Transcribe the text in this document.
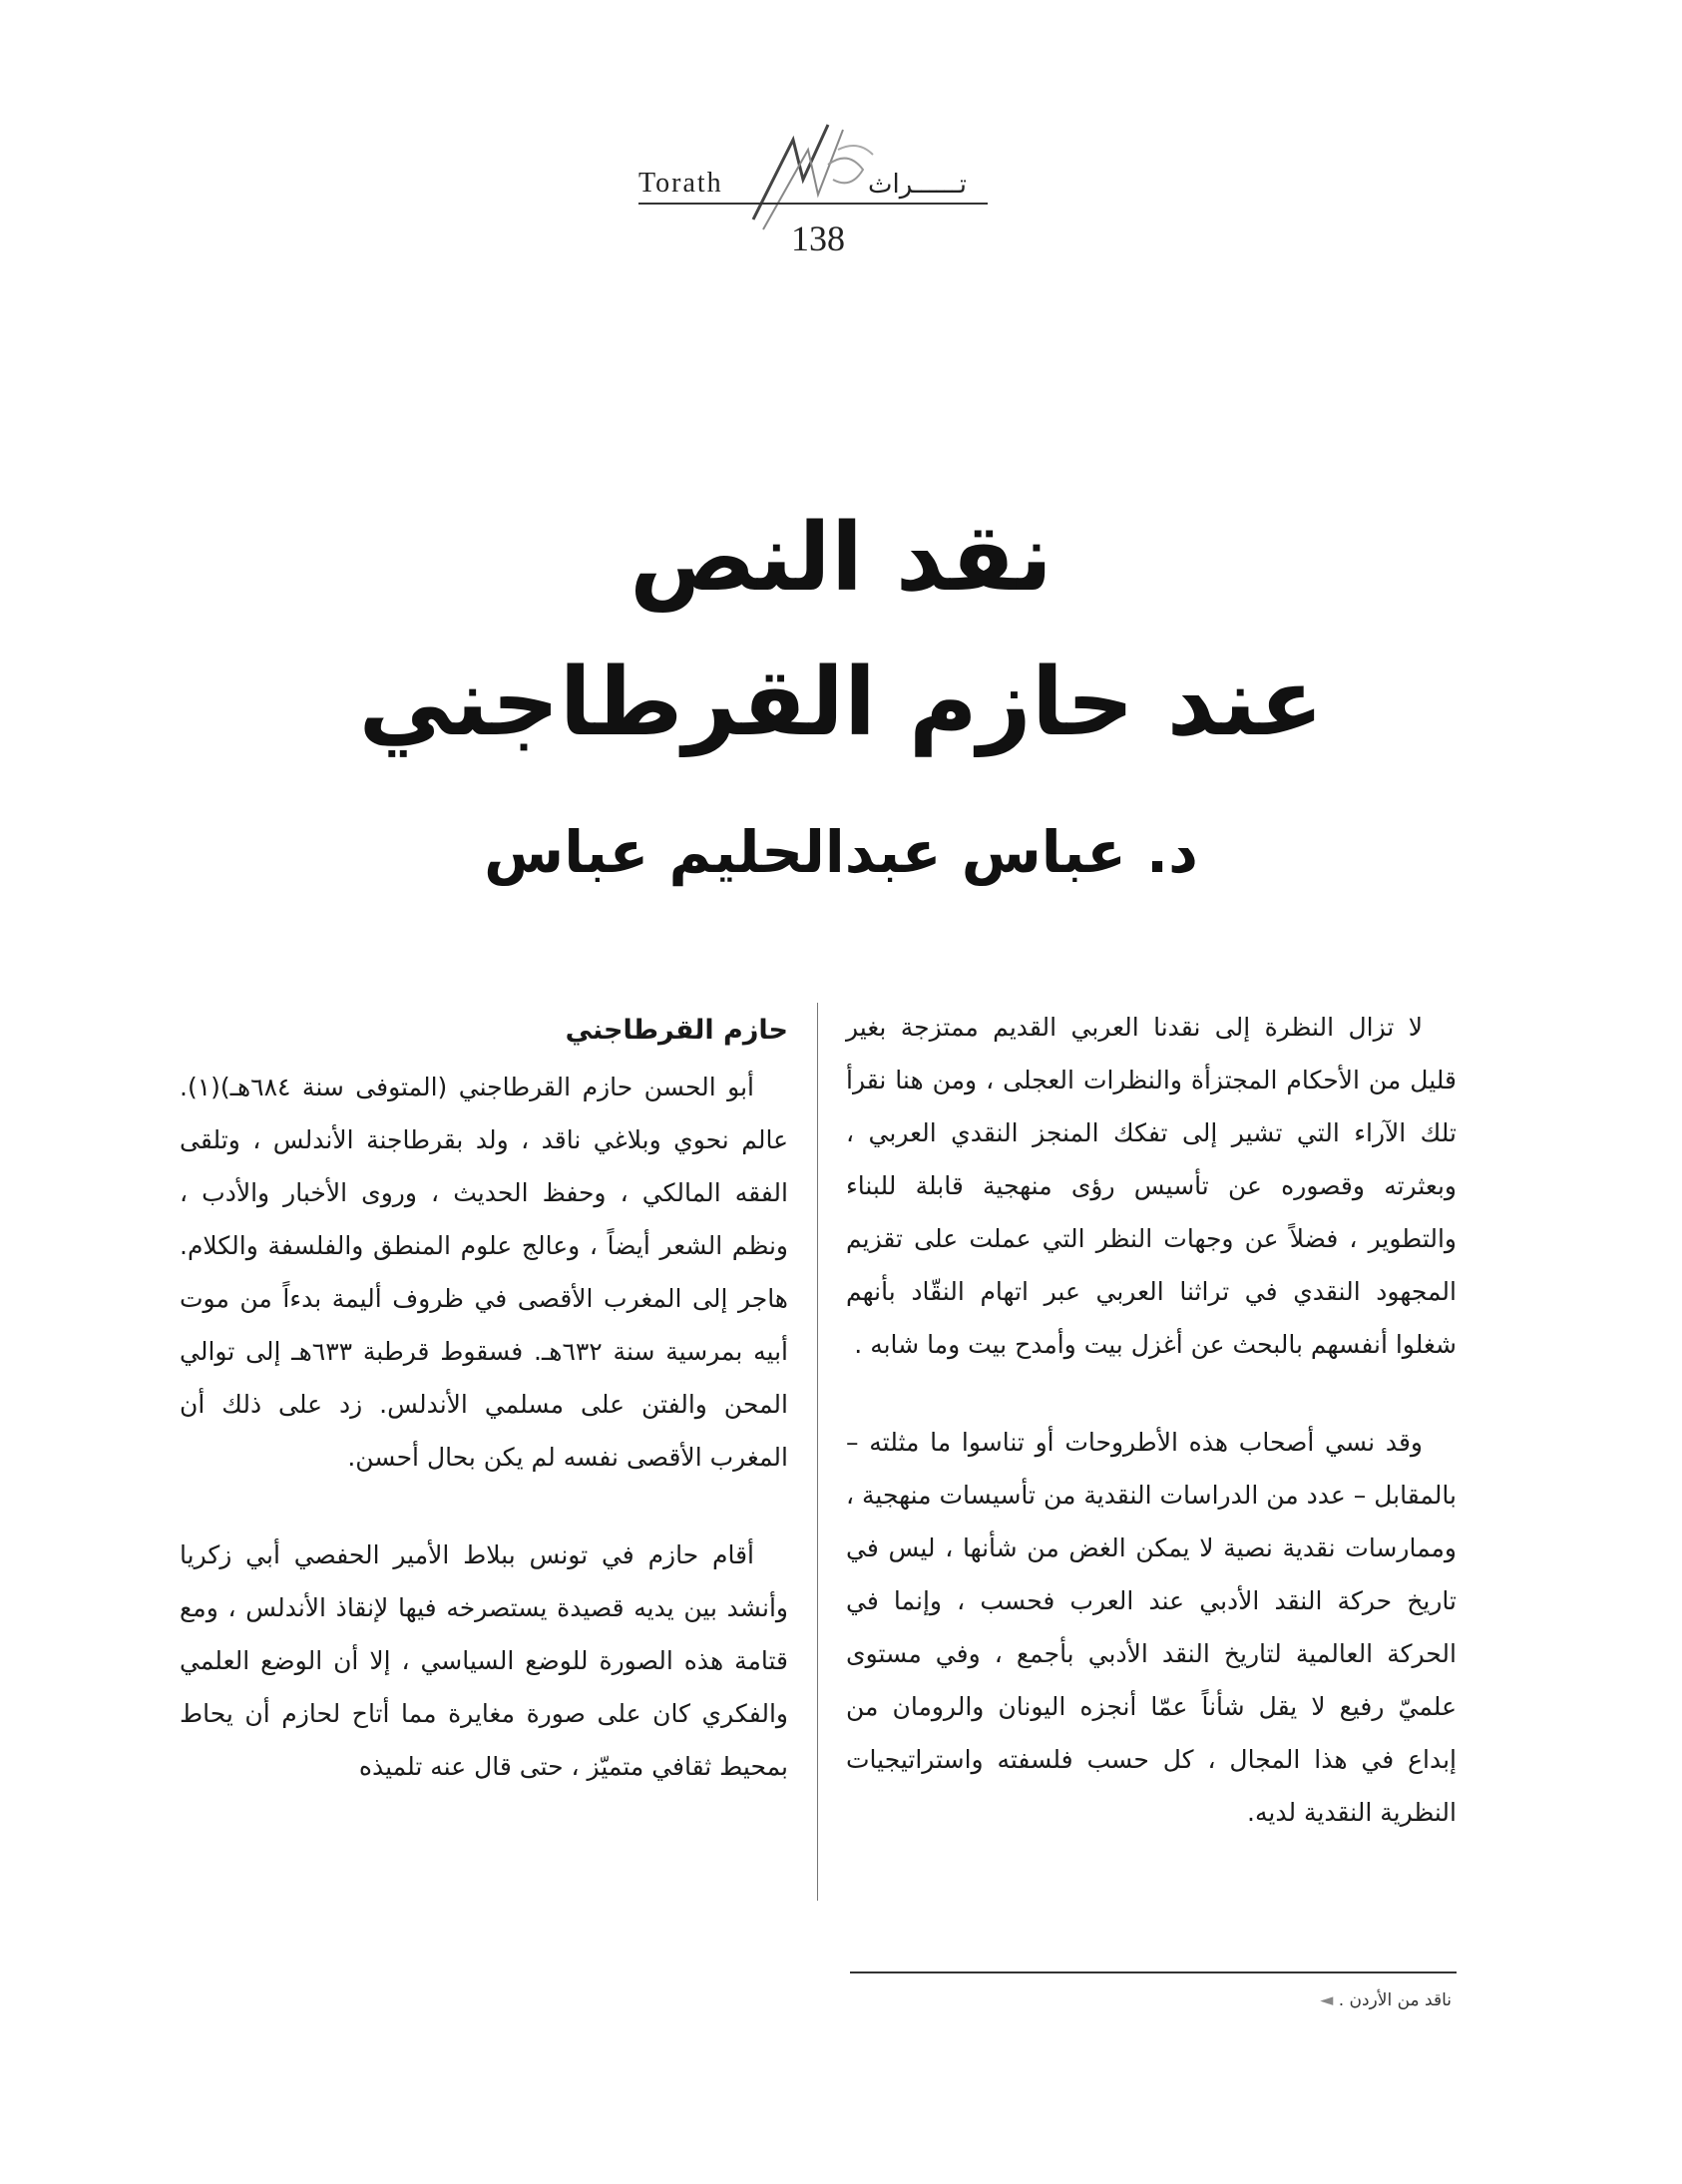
Torath	تــــــراث
138
نقد النص
عند حازم القرطاجني
د. عباس عبدالحليم عباس

لا تزال النظرة إلى نقدنا العربي القديم ممتزجة بغير قليل من الأحكام المجتزأة والنظرات العجلى ، ومن هنا نقرأ تلك الآراء التي تشير إلى تفكك المنجز النقدي العربي ، وبعثرته وقصوره عن تأسيس رؤى منهجية قابلة للبناء والتطوير ، فضلاً عن وجهات النظر التي عملت على تقزيم المجهود النقدي في تراثنا العربي عبر اتهام النقّاد بأنهم شغلوا أنفسهم بالبحث عن أغزل بيت وأمدح بيت وما شابه .

وقد نسي أصحاب هذه الأطروحات أو تناسوا ما مثلته – بالمقابل – عدد من الدراسات النقدية من تأسيسات منهجية ، وممارسات نقدية نصية لا يمكن الغض من شأنها ، ليس في تاريخ حركة النقد الأدبي عند العرب فحسب ، وإنما في الحركة العالمية لتاريخ النقد الأدبي بأجمع ، وفي مستوى علميّ رفيع لا يقل شأناً عمّا أنجزه اليونان والرومان من إبداع في هذا المجال ، كل حسب فلسفته واستراتيجيات النظرية النقدية لديه.

حازم القرطاجني

أبو الحسن حازم القرطاجني (المتوفى سنة ٦٨٤هـ)(١). عالم نحوي وبلاغي ناقد ، ولد بقرطاجنة الأندلس ، وتلقى الفقه المالكي ، وحفظ الحديث ، وروى الأخبار والأدب ، ونظم الشعر أيضاً ، وعالج علوم المنطق والفلسفة والكلام. هاجر إلى المغرب الأقصى في ظروف أليمة بدءاً من موت أبيه بمرسية سنة ٦٣٢هـ. فسقوط قرطبة ٦٣٣هـ إلى توالي المحن والفتن على مسلمي الأندلس. زد على ذلك أن المغرب الأقصى نفسه لم يكن بحال أحسن.

أقام حازم في تونس ببلاط الأمير الحفصي أبي زكريا وأنشد بين يديه قصيدة يستصرخه فيها لإنقاذ الأندلس ، ومع قتامة هذه الصورة للوضع السياسي ، إلا أن الوضع العلمي والفكري كان على صورة مغايرة مما أتاح لحازم أن يحاط بمحيط ثقافي متميّز ، حتى قال عنه تلميذه

ناقد من الأردن . ◄
